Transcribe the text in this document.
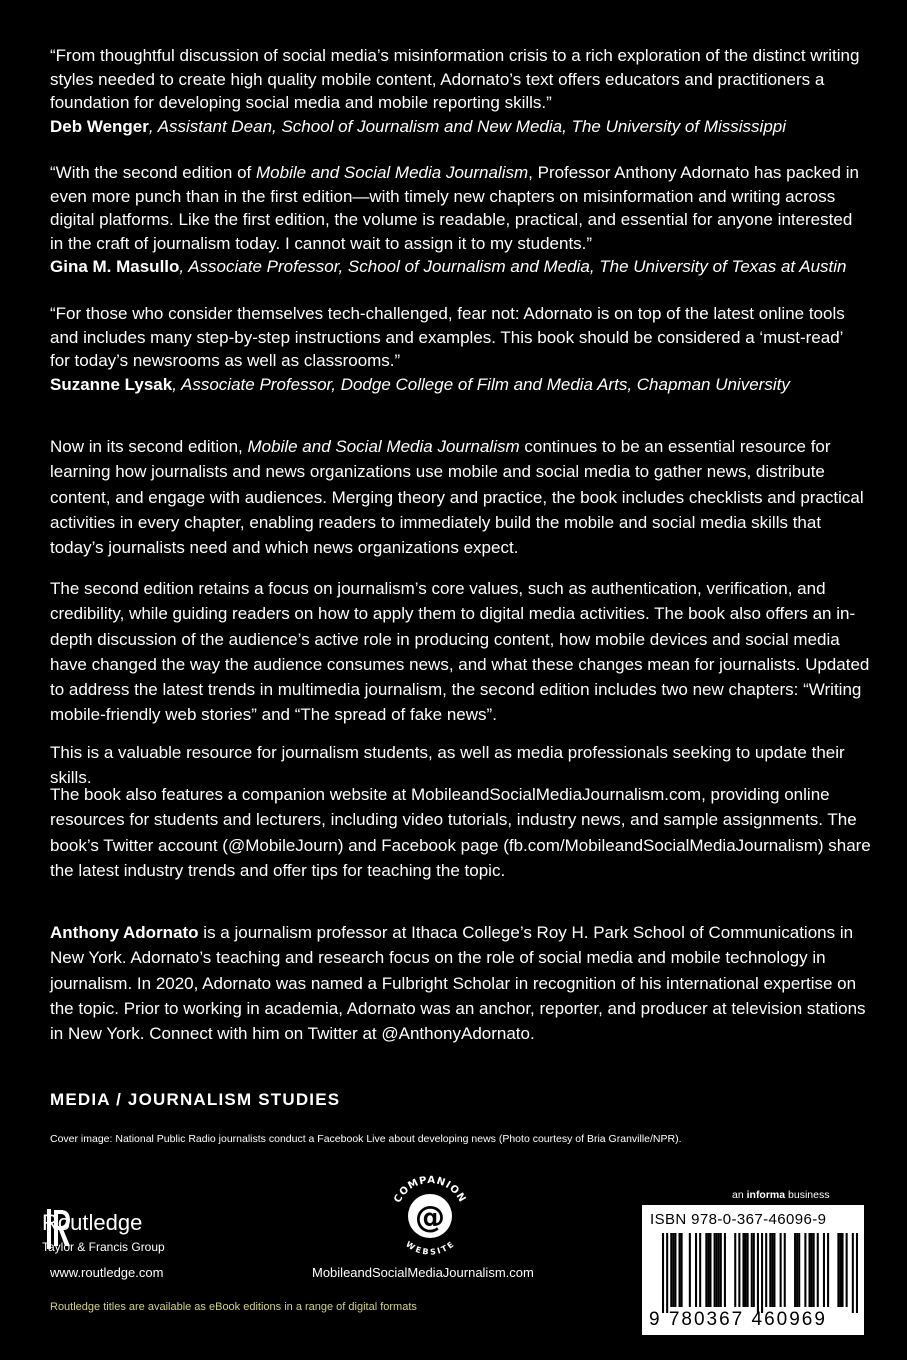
“From thoughtful discussion of social media’s misinformation crisis to a rich exploration of the distinct writing styles needed to create high quality mobile content, Adornato’s text offers educators and practitioners a foundation for developing social media and mobile reporting skills.”
Deb Wenger, Assistant Dean, School of Journalism and New Media, The University of Mississippi

“With the second edition of Mobile and Social Media Journalism, Professor Anthony Adornato has packed in even more punch than in the first edition—with timely new chapters on misinformation and writing across digital platforms. Like the first edition, the volume is readable, practical, and essential for anyone interested in the craft of journalism today. I cannot wait to assign it to my students.”
Gina M. Masullo, Associate Professor, School of Journalism and Media, The University of Texas at Austin

“For those who consider themselves tech-challenged, fear not: Adornato is on top of the latest online tools and includes many step-by-step instructions and examples. This book should be considered a ‘must-read’ for today’s newsrooms as well as classrooms.”
Suzanne Lysak, Associate Professor, Dodge College of Film and Media Arts, Chapman University

Now in its second edition, Mobile and Social Media Journalism continues to be an essential resource for learning how journalists and news organizations use mobile and social media to gather news, distribute content, and engage with audiences. Merging theory and practice, the book includes checklists and practical activities in every chapter, enabling readers to immediately build the mobile and social media skills that today’s journalists need and which news organizations expect.

The second edition retains a focus on journalism’s core values, such as authentication, verification, and credibility, while guiding readers on how to apply them to digital media activities. The book also offers an in-depth discussion of the audience’s active role in producing content, how mobile devices and social media have changed the way the audience consumes news, and what these changes mean for journalists. Updated to address the latest trends in multimedia journalism, the second edition includes two new chapters: “Writing mobile-friendly web stories” and “The spread of fake news”.

This is a valuable resource for journalism students, as well as media professionals seeking to update their skills.

The book also features a companion website at MobileandSocialMediaJournalism.com, providing online resources for students and lecturers, including video tutorials, industry news, and sample assignments. The book’s Twitter account (@MobileJourn) and Facebook page (fb.com/MobileandSocialMediaJournalism) share the latest industry trends and offer tips for teaching the topic.

Anthony Adornato is a journalism professor at Ithaca College’s Roy H. Park School of Communications in New York. Adornato’s teaching and research focus on the role of social media and mobile technology in journalism. In 2020, Adornato was named a Fulbright Scholar in recognition of his international expertise on the topic. Prior to working in academia, Adornato was an anchor, reporter, and producer at television stations in New York. Connect with him on Twitter at @AnthonyAdornato.

MEDIA / JOURNALISM STUDIES

Cover image: National Public Radio journalists conduct a Facebook Live about developing news (Photo courtesy of Bria Granville/NPR).

Routledge
Taylor & Francis Group
www.routledge.com
@
COMPANION
WEBSITE
MobileandSocialMediaJournalism.com
Routledge titles are available as eBook editions in a range of digital formats
an informa business
ISBN 978-0-367-46096-9
9 780367 460969
